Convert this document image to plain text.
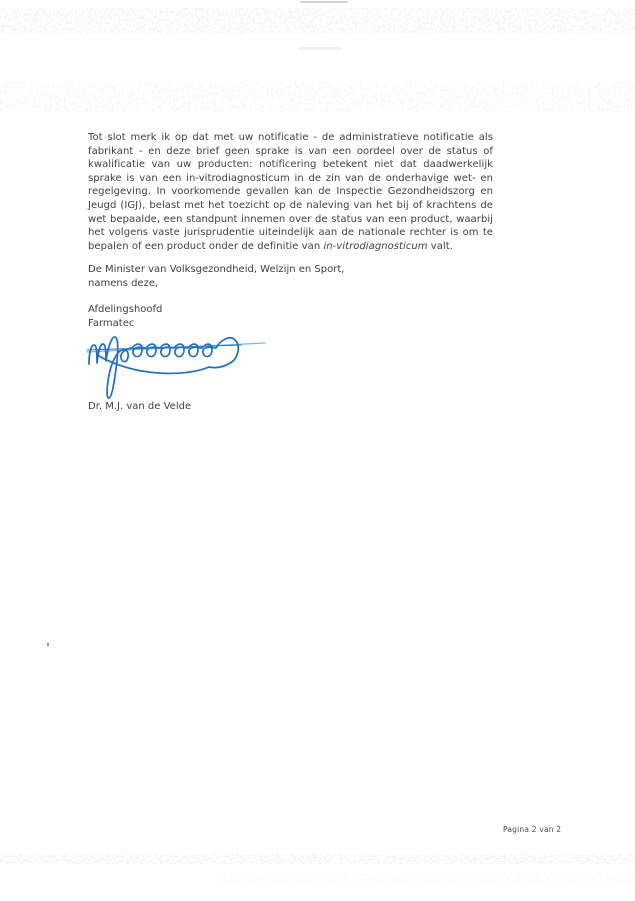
Tot slot merk ik op dat met uw notificatie - de administratieve notificatie als fabrikant - en deze brief geen sprake is van een oordeel over de status of kwalificatie van uw producten: notificering betekent niet dat daadwerkelijk sprake is van een in-vitrodiagnosticum in de zin van de onderhavige wet- en regelgeving. In voorkomende gevallen kan de Inspectie Gezondheidszorg en Jeugd (IGJ), belast met het toezicht op de naleving van het bij of krachtens de wet bepaalde, een standpunt innemen over de status van een product, waarbij het volgens vaste jurisprudentie uiteindelijk aan de nationale rechter is om te bepalen of een product onder de definitie van in-vitrodiagnosticum valt.

De Minister van Volksgezondheid, Welzijn en Sport,
namens deze,
Afdelingshoofd
Farmatec
Dr. M.J. van de Velde
Pagina 2 van 2
